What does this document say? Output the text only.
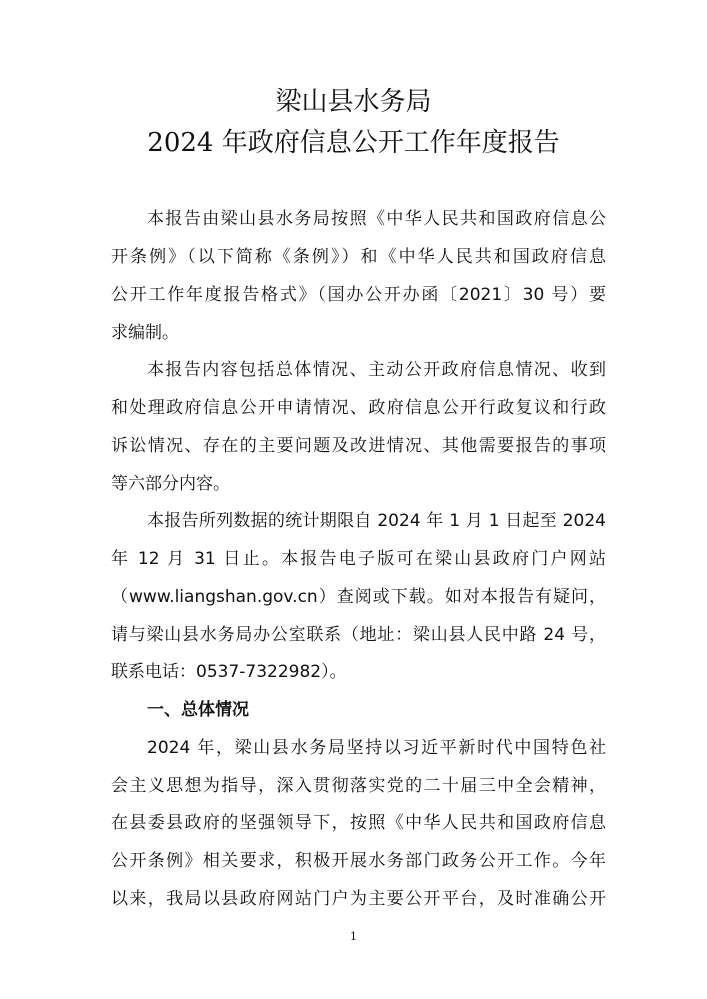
梁山县水务局
2024 年政府信息公开工作年度报告
本报告由梁山县水务局按照《中华人民共和国政府信息公
开条例》（以下简称《条例》）和《中华人民共和国政府信息
公开工作年度报告格式》（国办公开办函〔2021〕30 号）要
求编制。
本报告内容包括总体情况、主动公开政府信息情况、收到
和处理政府信息公开申请情况、政府信息公开行政复议和行政
诉讼情况、存在的主要问题及改进情况、其他需要报告的事项
等六部分内容。
本报告所列数据的统计期限自 2024 年 1 月 1 日起至 2024
年 12 月 31 日止。本报告电子版可在梁山县政府门户网站
（www.liangshan.gov.cn）查阅或下载。如对本报告有疑问，
请与梁山县水务局办公室联系（地址：梁山县人民中路 24 号，
联系电话：0537-7322982）。
一、总体情况
2024 年，梁山县水务局坚持以习近平新时代中国特色社
会主义思想为指导，深入贯彻落实党的二十届三中全会精神，
在县委县政府的坚强领导下，按照《中华人民共和国政府信息
公开条例》相关要求，积极开展水务部门政务公开工作。今年
以来，我局以县政府网站门户为主要公开平台，及时准确公开
1
